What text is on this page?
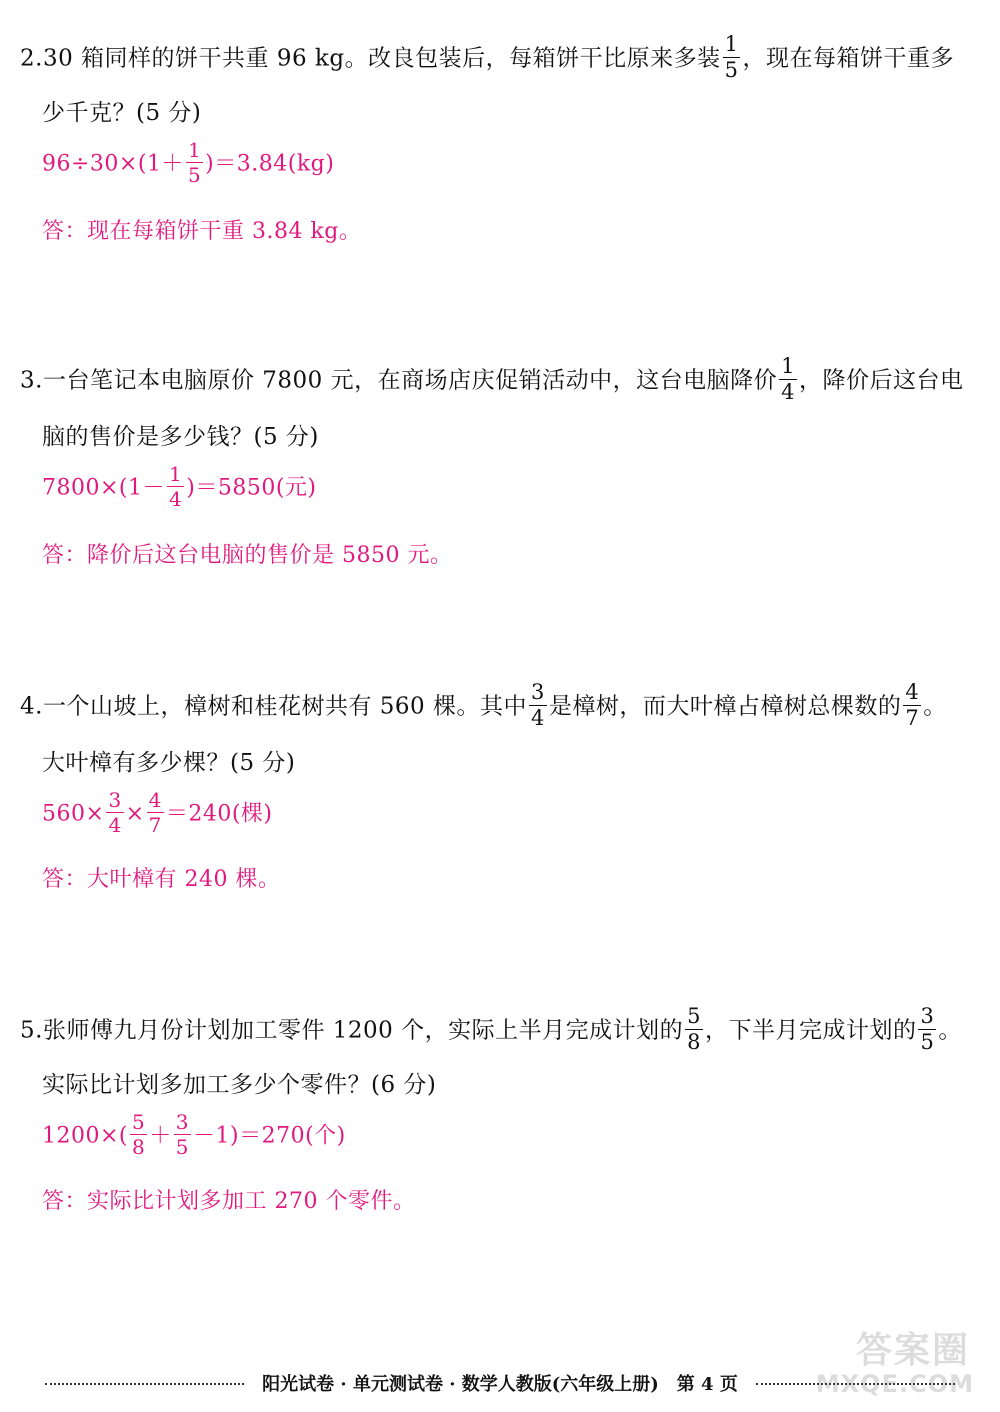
2.30 箱同样的饼干共重 96 kg。改良包装后，每箱饼干比原来多装 $\frac{1}{5}$ ，现在每箱饼干重多
少千克？(5 分)
$96\div 30\times(1+ \frac{1}{5} )=3.84(kg)$
答：现在每箱饼干重 3.84 kg。
3.一台笔记本电脑原价 7800 元，在商场店庆促销活动中，这台电脑降价 $\frac{1}{4}$ ，降价后这台电
脑的售价是多少钱？(5 分)
$7800\times(1- \frac{1}{4} )=5850$(元)
答：降价后这台电脑的售价是 5850 元。
4.一个山坡上，樟树和桂花树共有 560 棵。其中 $\frac{3}{4}$ 是樟树，而大叶樟占樟树总棵数的 $\frac{4}{7}$ 。
大叶樟有多少棵？(5 分)
$560\times \frac{3}{4} \times \frac{4}{7} =240$(棵)
答：大叶樟有 240 棵。
5.张师傅九月份计划加工零件 1200 个，实际上半月完成计划的 $\frac{5}{8}$ ，下半月完成计划的 $\frac{3}{5}$ 。
实际比计划多加工多少个零件？(6 分)
$1200\times( \frac{5}{8} + \frac{3}{5} -1)=270$(个)
答：实际比计划多加工 270 个零件。
阳光试卷 · 单元测试卷 · 数学人教版(六年级上册)　第 4 页
答案圈
MXQE.COM
